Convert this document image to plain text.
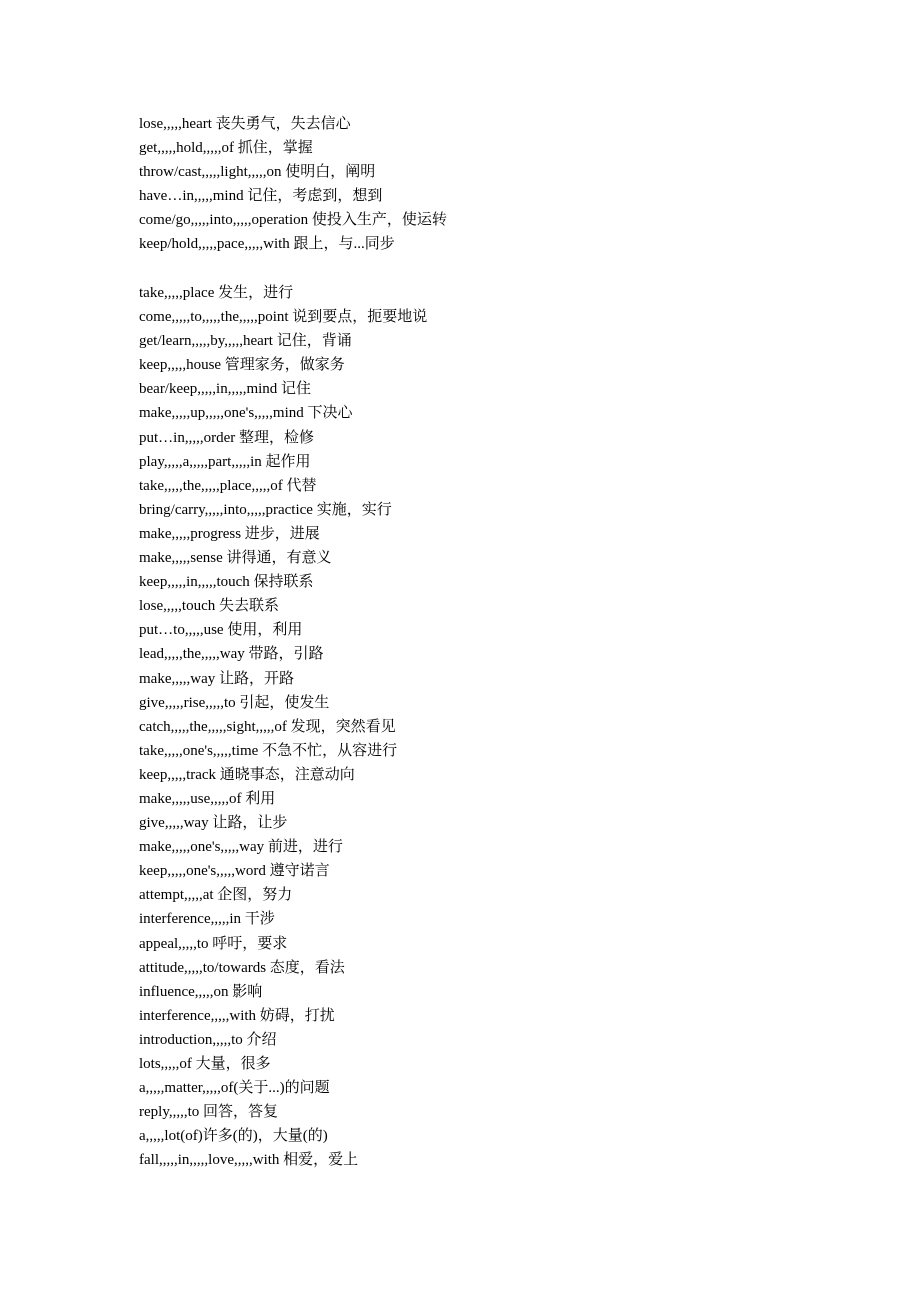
lose,,,,,heart 丧失勇气，失去信心
get,,,,,hold,,,,,of 抓住，掌握
throw/cast,,,,,light,,,,,on 使明白，阐明
have…in,,,,,mind 记住，考虑到，想到
come/go,,,,,into,,,,,operation 使投入生产，使运转
keep/hold,,,,,pace,,,,,with 跟上，与...同步
take,,,,,place 发生，进行
come,,,,,to,,,,,the,,,,,point 说到要点，扼要地说
get/learn,,,,,by,,,,,heart 记住，背诵
keep,,,,,house 管理家务，做家务
bear/keep,,,,,in,,,,,mind 记住
make,,,,,up,,,,,one's,,,,,mind 下决心
put…in,,,,,order 整理，检修
play,,,,,a,,,,,part,,,,,in 起作用
take,,,,,the,,,,,place,,,,,of 代替
bring/carry,,,,,into,,,,,practice 实施，实行
make,,,,,progress 进步，进展
make,,,,,sense 讲得通，有意义
keep,,,,,in,,,,,touch 保持联系
lose,,,,,touch 失去联系
put…to,,,,,use 使用，利用
lead,,,,,the,,,,,way 带路，引路
make,,,,,way 让路，开路
give,,,,,rise,,,,,to 引起，使发生
catch,,,,,the,,,,,sight,,,,,of 发现，突然看见
take,,,,,one's,,,,,time 不急不忙，从容进行
keep,,,,,track 通晓事态，注意动向
make,,,,,use,,,,,of 利用
give,,,,,way 让路，让步
make,,,,,one's,,,,,way 前进，进行
keep,,,,,one's,,,,,word 遵守诺言
attempt,,,,,at 企图，努力
interference,,,,,in 干涉
appeal,,,,,to 呼吁，要求
attitude,,,,,to/towards 态度，看法
influence,,,,,on 影响
interference,,,,,with 妨碍，打扰
introduction,,,,,to 介绍
lots,,,,,of 大量，很多
a,,,,,matter,,,,,of(关于...)的问题
reply,,,,,to 回答，答复
a,,,,,lot(of)许多(的)，大量(的)
fall,,,,,in,,,,,love,,,,,with 相爱，爱上
